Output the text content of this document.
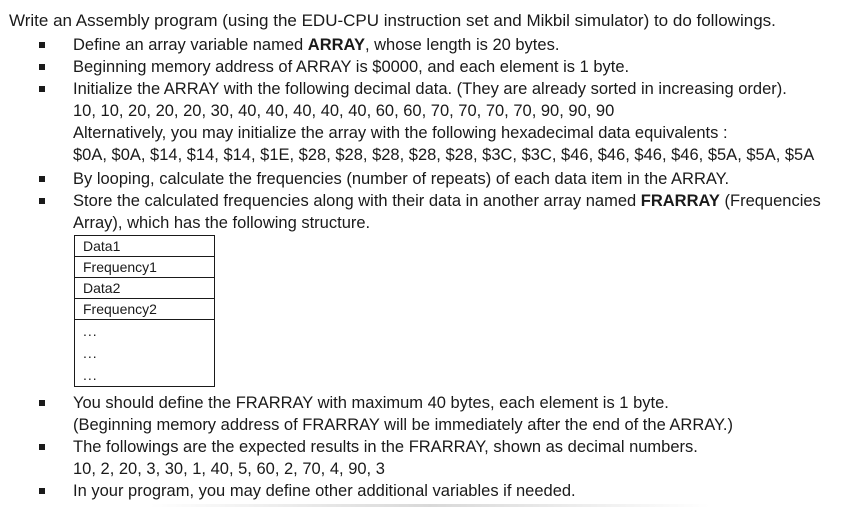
Write an Assembly program (using the EDU-CPU instruction set and Mikbil simulator) to do followings.
Define an array variable named ARRAY, whose length is 20 bytes.
Beginning memory address of ARRAY is $0000, and each element is 1 byte.
Initialize the ARRAY with the following decimal data. (They are already sorted in increasing order).
10, 10, 20, 20, 20, 30, 40, 40, 40, 40, 40, 60, 60, 70, 70, 70, 70, 90, 90, 90
Alternatively, you may initialize the array with the following hexadecimal data equivalents :
$0A, $0A, $14, $14, $14, $1E, $28, $28, $28, $28, $28, $3C, $3C, $46, $46, $46, $46, $5A, $5A, $5A
By looping, calculate the frequencies (number of repeats) of each data item in the ARRAY.
Store the calculated frequencies along with their data in another array named FRARRAY (Frequencies
Array), which has the following structure.
Data1
Frequency1
Data2
Frequency2
...
...
...
You should define the FRARRAY with maximum 40 bytes, each element is 1 byte.
(Beginning memory address of FRARRAY will be immediately after the end of the ARRAY.)
The followings are the expected results in the FRARRAY, shown as decimal numbers.
10, 2, 20, 3, 30, 1, 40, 5, 60, 2, 70, 4, 90, 3
In your program, you may define other additional variables if needed.
